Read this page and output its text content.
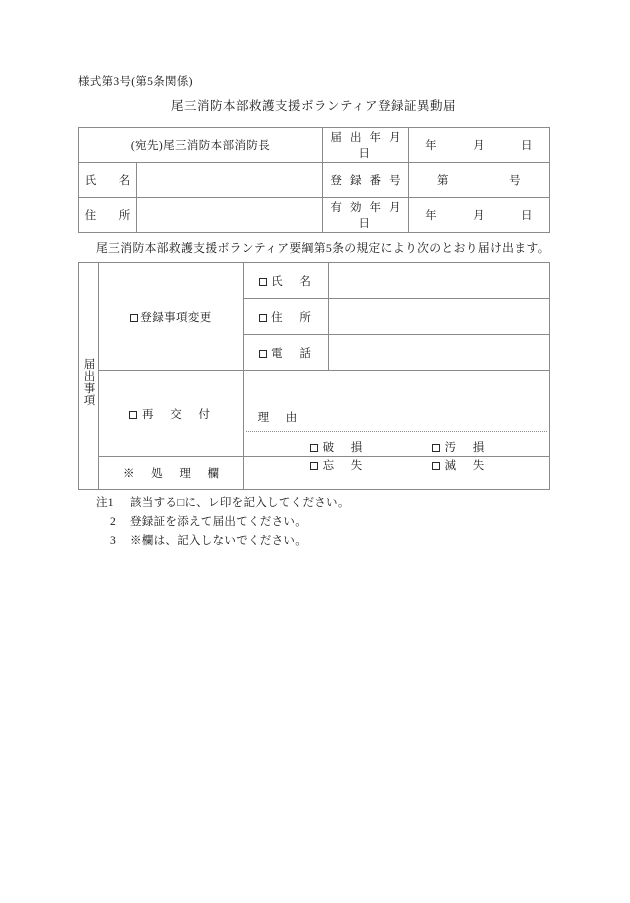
様式第3号(第5条関係)
尾三消防本部救護支援ボランティア登録証異動届
(宛先)尾三消防本部消防長		届 出 年 月 日	年 月 日

氏　名		登 録 番 号	第 号

住　所		有 効 年 月 日	年 月 日
尾三消防本部救護支援ボランティア要綱第5条の規定により次のとおり届け出ます。
届出事項	登録事項変更	氏　名	
		住　所	
		電　話	
	再　交　付	理　由
破　損 汚　損
忘　失 滅　失	

	※　処　理　欄		
注1	該当する□に、レ印を記入してください。
2	登録証を添えて届出てください。
3	※欄は、記入しないでください。
